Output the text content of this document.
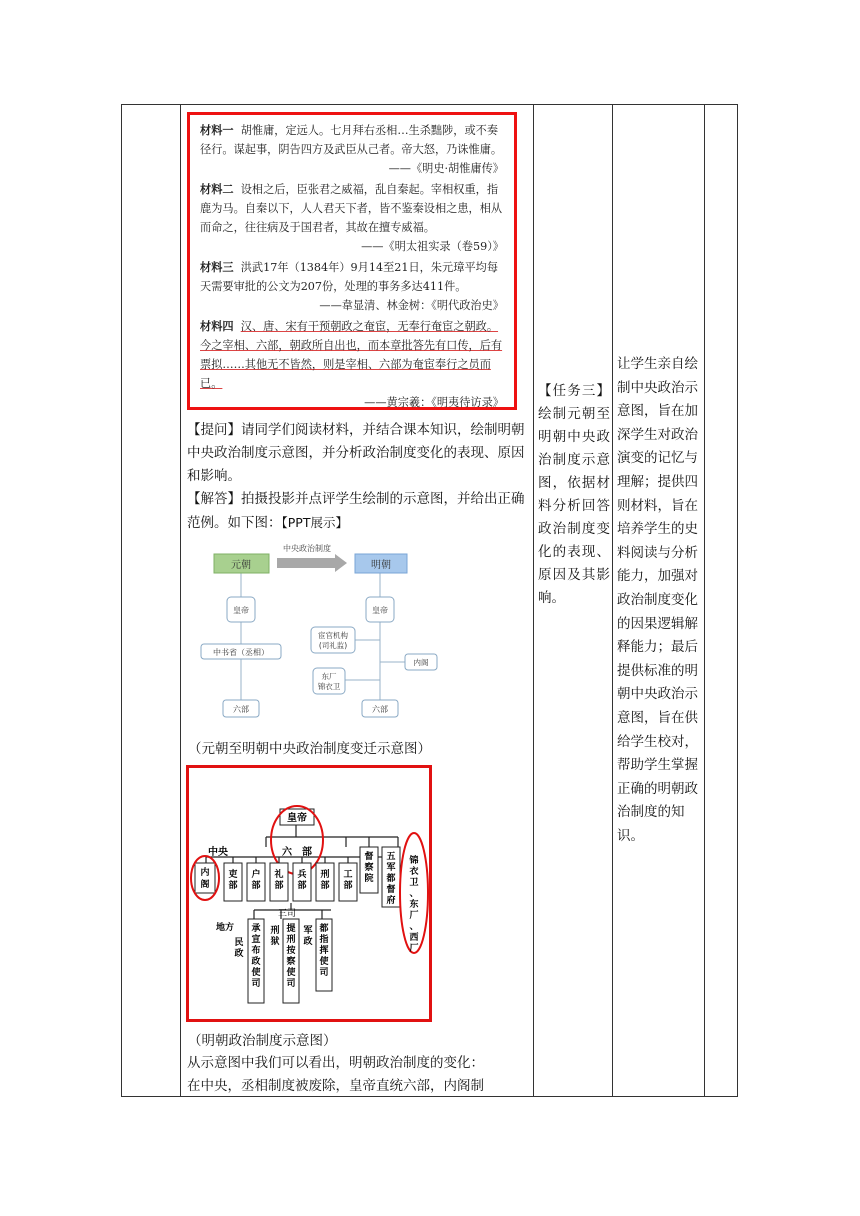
材料一 胡惟庸，定远人。七月拜右丞相…生杀黜陟，或不奏径行。谋起事，阴告四方及武臣从己者。帝大怒，乃诛惟庸。

——《明史·胡惟庸传》

材料二 设相之后，臣张君之威福，乱自秦起。宰相权重，指鹿为马。自秦以下，人人君天下者，皆不鉴秦设相之患，相从而命之，往往病及于国君者，其故在擅专威福。

——《明太祖实录（卷59）》

材料三 洪武17年（1384年）9月14至21日，朱元璋平均每天需要审批的公文为207份，处理的事务多达411件。

——韋显清、林金树：《明代政治史》

材料四 汉、唐、宋有干预朝政之奄宦，无奉行奄宦之朝政。今之宰相、六部，朝政所自出也，而本章批答先有口传，后有票拟……其他无不皆然，则是宰相、六部为奄宦奉行之员而已。

——黄宗羲：《明夷待访录》

【提问】请同学们阅读材料，并结合课本知识，绘制明朝中央政治制度示意图，并分析政治制度变化的表现、原因和影响。

【解答】拍摄投影并点评学生绘制的示意图，并给出正确范例。如下图：【PPT展示】

元朝
中央政治制度
明朝
皇帝
中书省（丞相）
六部
皇帝
宦官机构
(司礼监)
内阁
东厂
锦衣卫
六部
（元朝至明朝中央政治制度变迁示意图）
皇帝
六　部
中央
内
阁
吏部
户部
礼部
兵部
刑部
工部
督察院
五军都督府
锦衣卫、东厂、西厂
地方
三司
民政
承宣布政使司
刑狱
提刑按察使司
军政
都指挥使司
（明朝政治制度示意图）

从示意图中我们可以看出，明朝政治制度的变化：

在中央，丞相制度被废除，皇帝直统六部，内阁制

【任务三】绘制元朝至明朝中央政治制度示意图，依据材料分析回答政治制度变化的表现、原因及其影响。

让学生亲自绘制中央政治示意图，旨在加深学生对政治演变的记忆与理解；提供四则材料，旨在培养学生的史料阅读与分析能力，加强对政治制度变化的因果逻辑解释能力；最后提供标准的明朝中央政治示意图，旨在供给学生校对，帮助学生掌握正确的明朝政治制度的知识。
